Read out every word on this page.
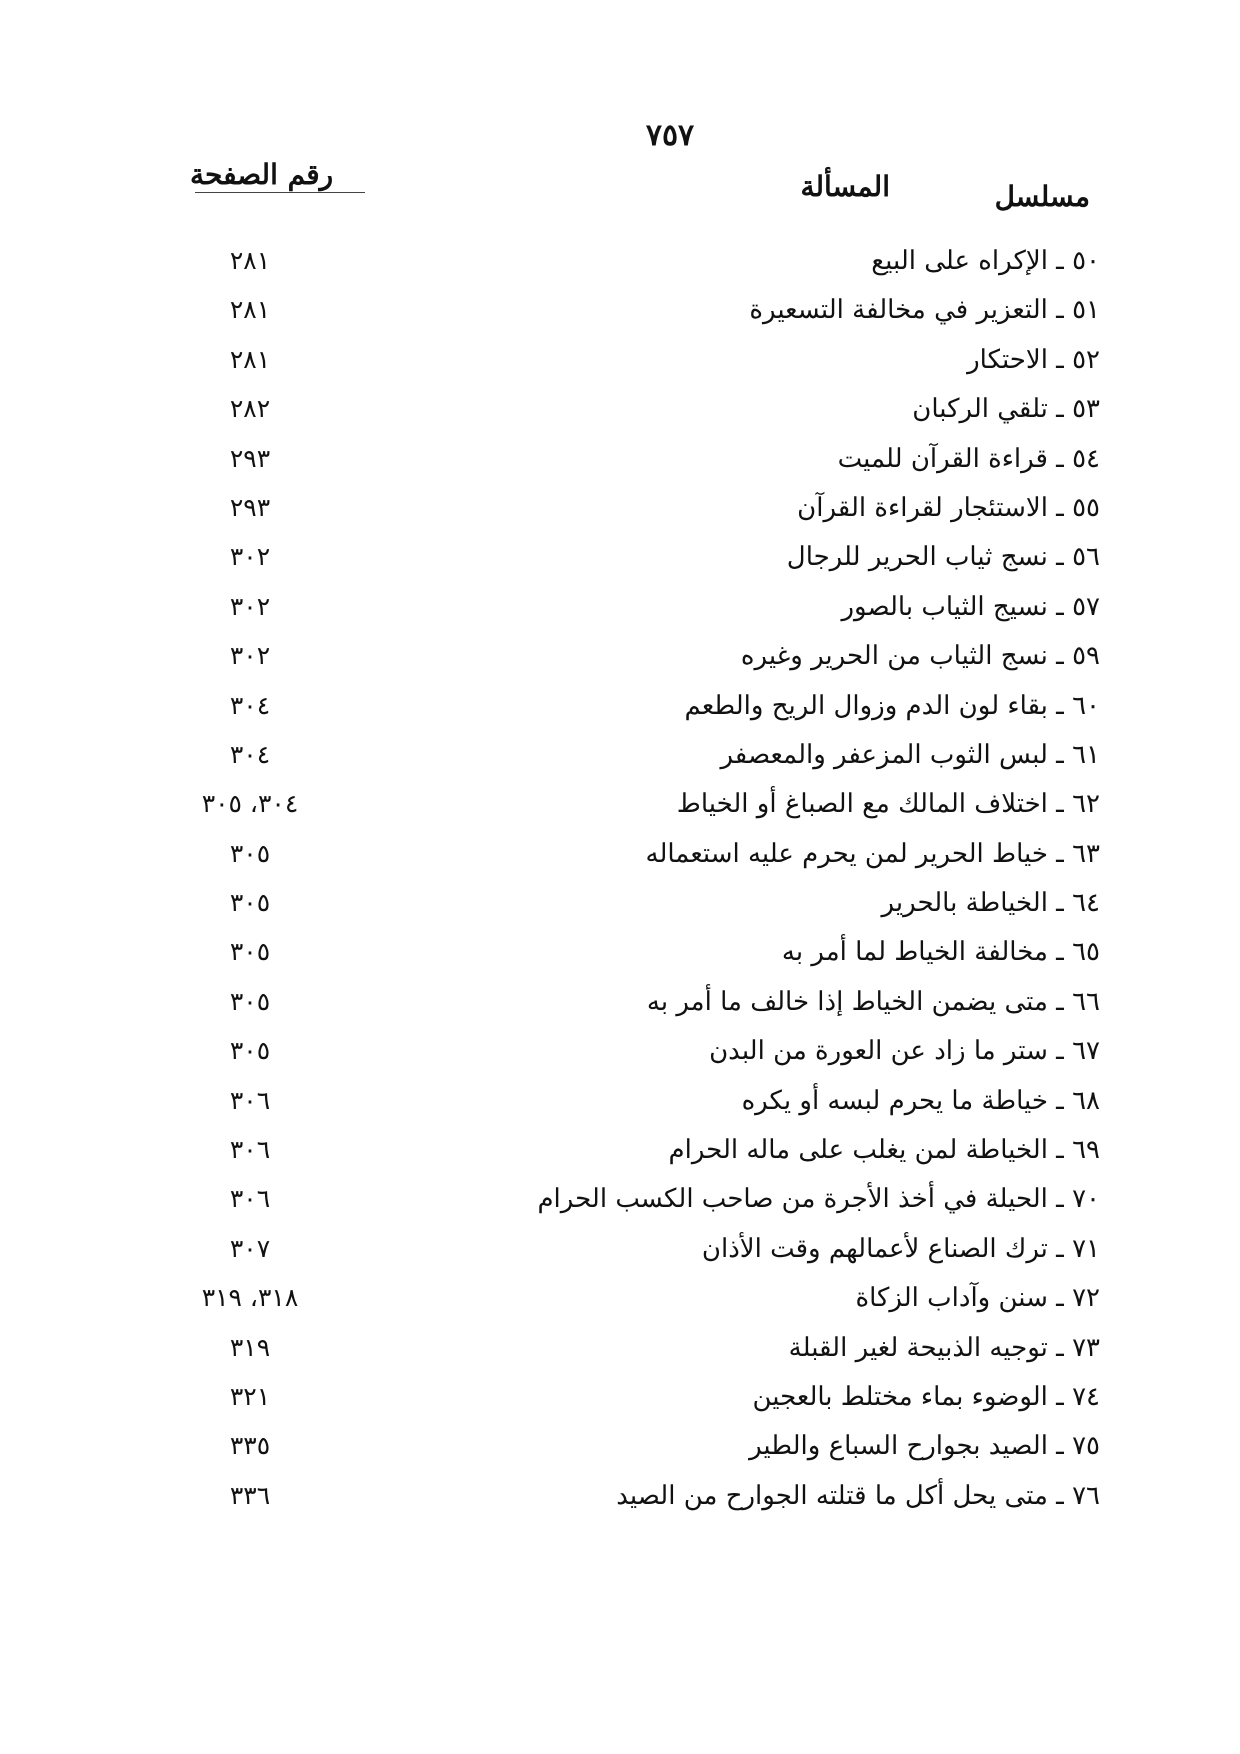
٧٥٧
مسلسل
المسألة
رقم الصفحة
٥٠ ـ الإكراه على البيع
٢٨١
٥١ ـ التعزير في مخالفة التسعيرة
٢٨١
٥٢ ـ الاحتكار
٢٨١
٥٣ ـ تلقي الركبان
٢٨٢
٥٤ ـ قراءة القرآن للميت
٢٩٣
٥٥ ـ الاستئجار لقراءة القرآن
٢٩٣
٥٦ ـ نسج ثياب الحرير للرجال
٣٠٢
٥٧ ـ نسيج الثياب بالصور
٣٠٢
٥٩ ـ نسج الثياب من الحرير وغيره
٣٠٢
٦٠ ـ بقاء لون الدم وزوال الريح والطعم
٣٠٤
٦١ ـ لبس الثوب المزعفر والمعصفر
٣٠٤
٦٢ ـ اختلاف المالك مع الصباغ أو الخياط
٣٠٤، ٣٠٥
٦٣ ـ خياط الحرير لمن يحرم عليه استعماله
٣٠٥
٦٤ ـ الخياطة بالحرير
٣٠٥
٦٥ ـ مخالفة الخياط لما أمر به
٣٠٥
٦٦ ـ متى يضمن الخياط إذا خالف ما أمر به
٣٠٥
٦٧ ـ ستر ما زاد عن العورة من البدن
٣٠٥
٦٨ ـ خياطة ما يحرم لبسه أو يكره
٣٠٦
٦٩ ـ الخياطة لمن يغلب على ماله الحرام
٣٠٦
٧٠ ـ الحيلة في أخذ الأجرة من صاحب الكسب الحرام
٣٠٦
٧١ ـ ترك الصناع لأعمالهم وقت الأذان
٣٠٧
٧٢ ـ سنن وآداب الزكاة
٣١٨، ٣١٩
٧٣ ـ توجيه الذبيحة لغير القبلة
٣١٩
٧٤ ـ الوضوء بماء مختلط بالعجين
٣٢١
٧٥ ـ الصيد بجوارح السباع والطير
٣٣٥
٧٦ ـ متى يحل أكل ما قتلته الجوارح من الصيد
٣٣٦
